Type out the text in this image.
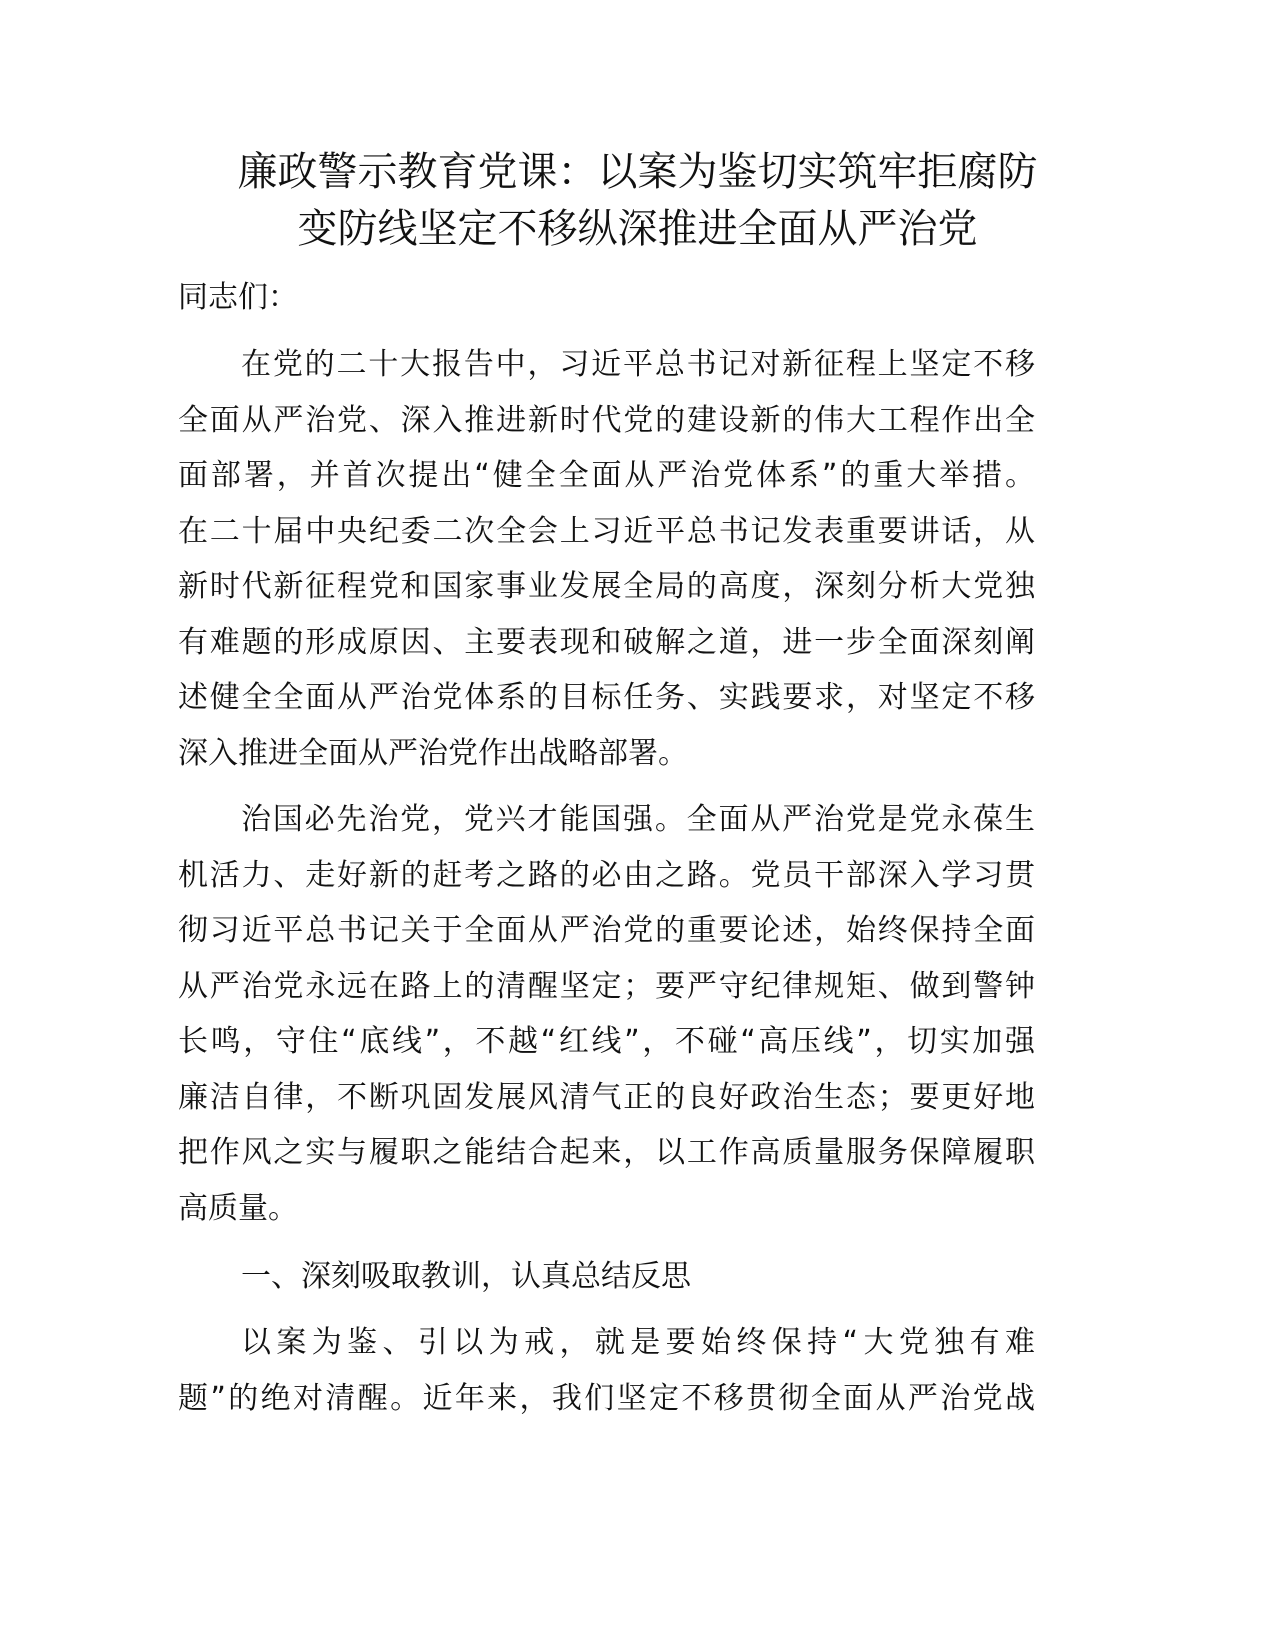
廉政警示教育党课：以案为鉴切实筑牢拒腐防
变防线坚定不移纵深推进全面从严治党
同志们：
在党的二十大报告中，习近平总书记对新征程上坚定不移
全面从严治党、深入推进新时代党的建设新的伟大工程作出全
面部署，并首次提出“健全全面从严治党体系”的重大举措。
在二十届中央纪委二次全会上习近平总书记发表重要讲话，从
新时代新征程党和国家事业发展全局的高度，深刻分析大党独
有难题的形成原因、主要表现和破解之道，进一步全面深刻阐
述健全全面从严治党体系的目标任务、实践要求，对坚定不移
深入推进全面从严治党作出战略部署。
治国必先治党，党兴才能国强。全面从严治党是党永葆生
机活力、走好新的赶考之路的必由之路。党员干部深入学习贯
彻习近平总书记关于全面从严治党的重要论述，始终保持全面
从严治党永远在路上的清醒坚定；要严守纪律规矩、做到警钟
长鸣，守住“底线”，不越“红线”，不碰“高压线”，切实加强
廉洁自律，不断巩固发展风清气正的良好政治生态；要更好地
把作风之实与履职之能结合起来，以工作高质量服务保障履职
高质量。
一、深刻吸取教训，认真总结反思
以案为鉴、引以为戒，就是要始终保持“大党独有难
题”的绝对清醒。近年来，我们坚定不移贯彻全面从严治党战
